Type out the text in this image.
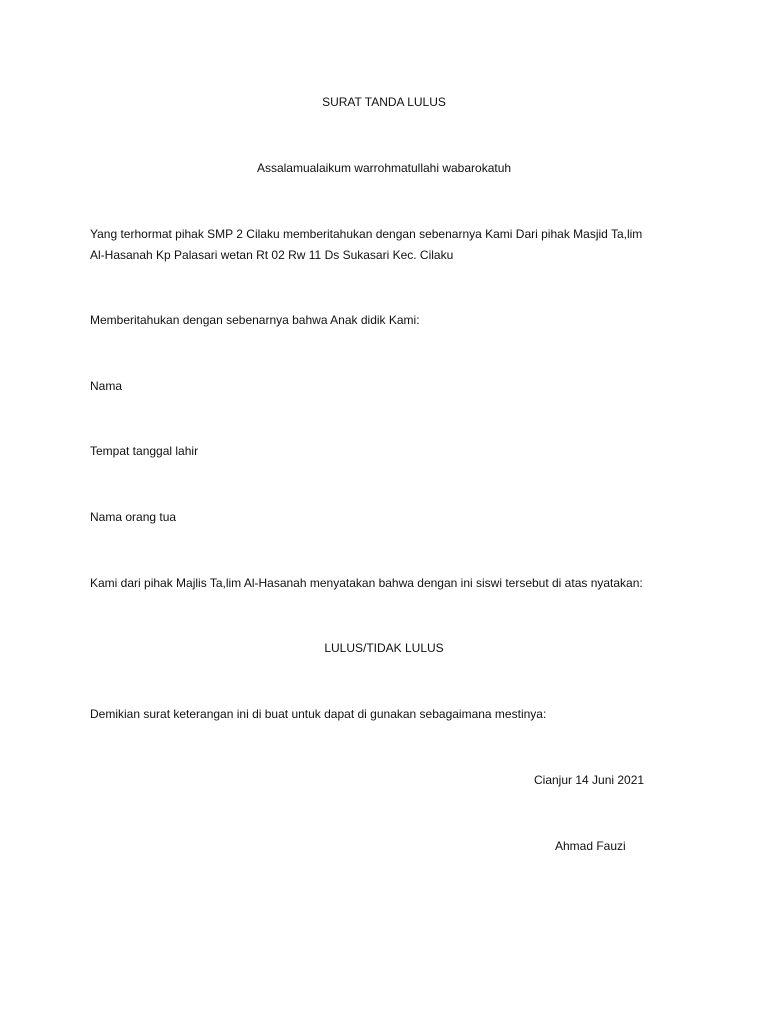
SURAT TANDA LULUS
Assalamualaikum warrohmatullahi wabarokatuh
Yang terhormat pihak SMP 2 Cilaku memberitahukan dengan sebenarnya Kami Dari pihak Masjid Ta,lim
Al-Hasanah Kp Palasari wetan Rt 02 Rw 11 Ds Sukasari Kec. Cilaku
Memberitahukan dengan sebenarnya bahwa Anak didik Kami:
Nama
Tempat tanggal lahir
Nama orang tua
Kami dari pihak Majlis Ta,lim Al-Hasanah menyatakan bahwa dengan ini siswi tersebut di atas nyatakan:
LULUS/TIDAK LULUS
Demikian surat keterangan ini di buat untuk dapat di gunakan sebagaimana mestinya:
Cianjur 14 Juni 2021
Ahmad Fauzi
